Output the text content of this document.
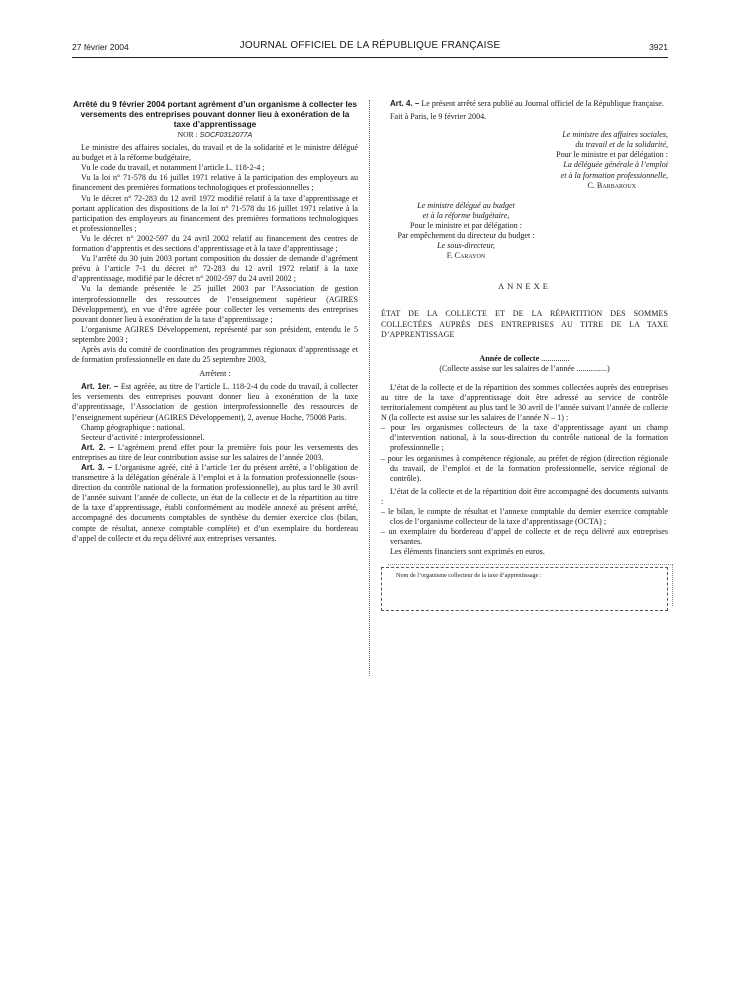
27 février 2004	JOURNAL OFFICIEL DE LA RÉPUBLIQUE FRANÇAISE	3921
Arrêté du 9 février 2004 portant agrément d’un organisme à collecter les versements des entreprises pouvant donner lieu à exonération de la taxe d’apprentissage
NOR : SOCF0312077A

Le ministre des affaires sociales, du travail et de la solidarité et le ministre délégué au budget et à la réforme budgétaire,

Vu le code du travail, et notamment l’article L. 118-2-4 ;

Vu la loi n° 71-578 du 16 juillet 1971 relative à la participation des employeurs au financement des premières formations technologiques et professionnelles ;

Vu le décret n° 72-283 du 12 avril 1972 modifié relatif à la taxe d’apprentissage et portant application des dispositions de la loi n° 71-578 du 16 juillet 1971 relative à la participation des employeurs au financement des premières formations technologiques et professionnelles ;

Vu le décret n° 2002-597 du 24 avril 2002 relatif au financement des centres de formation d’apprentis et des sections d’apprentissage et à la taxe d’apprentissage ;

Vu l’arrêté du 30 juin 2003 portant composition du dossier de demande d’agrément prévu à l’article 7-1 du décret n° 72-283 du 12 avril 1972 relatif à la taxe d’apprentissage, modifié par le décret n° 2002-597 du 24 avril 2002 ;

Vu la demande présentée le 25 juillet 2003 par l’Association de gestion interprofessionnelle des ressources de l’enseignement supérieur (AGIRES Développement), en vue d’être agréée pour collecter les versements des entreprises pouvant donner lieu à exonération de la taxe d’apprentissage ;

L’organisme AGIRES Développement, représenté par son président, entendu le 5 septembre 2003 ;

Après avis du comité de coordination des programmes régionaux d’apprentissage et de formation professionnelle en date du 25 septembre 2003,

Arrêtent :

Art. 1er. – Est agréée, au titre de l’article L. 118-2-4 du code du travail, à collecter les versements des entreprises pouvant donner lieu à exonération de la taxe d’apprentissage, l’Association de gestion interprofessionnelle des ressources de l’enseignement supérieur (AGIRES Développement), 2, avenue Hoche, 75008 Paris.

Champ géographique : national.

Secteur d’activité : interprofessionnel.

Art. 2. – L’agrément prend effet pour la première fois pour les versements des entreprises au titre de leur contribution assise sur les salaires de l’année 2003.

Art. 3. – L’organisme agréé, cité à l’article 1er du présent arrêté, a l’obligation de transmettre à la délégation générale à l’emploi et à la formation professionnelle (sous-direction du contrôle national de la formation professionnelle), au plus tard le 30 avril de l’année suivant l’année de collecte, un état de la collecte et de la répartition au titre de la taxe d’apprentissage, établi conformément au modèle annexé au présent arrêté, accompagné des documents comptables de synthèse du dernier exercice clos (bilan, compte de résultat, annexe comptable complète) et d’un exemplaire du bordereau d’appel de collecte et du reçu délivré aux entreprises versantes.

Art. 4. – Le présent arrêté sera publié au Journal officiel de la République française.

Fait à Paris, le 9 février 2004.

Le ministre des affaires sociales,

du travail et de la solidarité,

Pour le ministre et par délégation :

La déléguée générale à l’emploi

et à la formation professionnelle,

C. Barbaroux

Le ministre délégué au budget

et à la réforme budgétaire,

Pour le ministre et par délégation :

Par empêchement du directeur du budget :

Le sous-directeur,

F. Carayon

ANNEXE

ÉTAT DE LA COLLECTE ET DE LA RÉPARTITION DES SOMMES COLLECTÉES AUPRÈS DES ENTREPRISES AU TITRE DE LA TAXE D’APPRENTISSAGE

Année de collecte ..............

(Collecte assise sur les salaires de l’année ...............)

L’état de la collecte et de la répartition des sommes collectées auprès des entreprises au titre de la taxe d’apprentissage doit être adressé au service de contrôle territorialement compétent au plus tard le 30 avril de l’année suivant l’année de collecte N (la collecte est assise sur les salaires de l’année N – 1) :

– pour les organismes collecteurs de la taxe d’apprentissage ayant un champ d’intervention national, à la sous-direction du contrôle national de la formation professionnelle ;

– pour les organismes à compétence régionale, au préfet de région (direction régionale du travail, de l’emploi et de la formation professionnelle, service régional de contrôle).

L’état de la collecte et de la répartition doit être accompagné des documents suivants :

– le bilan, le compte de résultat et l’annexe comptable du dernier exercice comptable clos de l’organisme collecteur de la taxe d’apprentissage (OCTA) ;

– un exemplaire du bordereau d’appel de collecte et de reçu délivré aux entreprises versantes.

Les éléments financiers sont exprimés en euros.

Nom de l’organisme collecteur de la taxe d’apprentissage :
